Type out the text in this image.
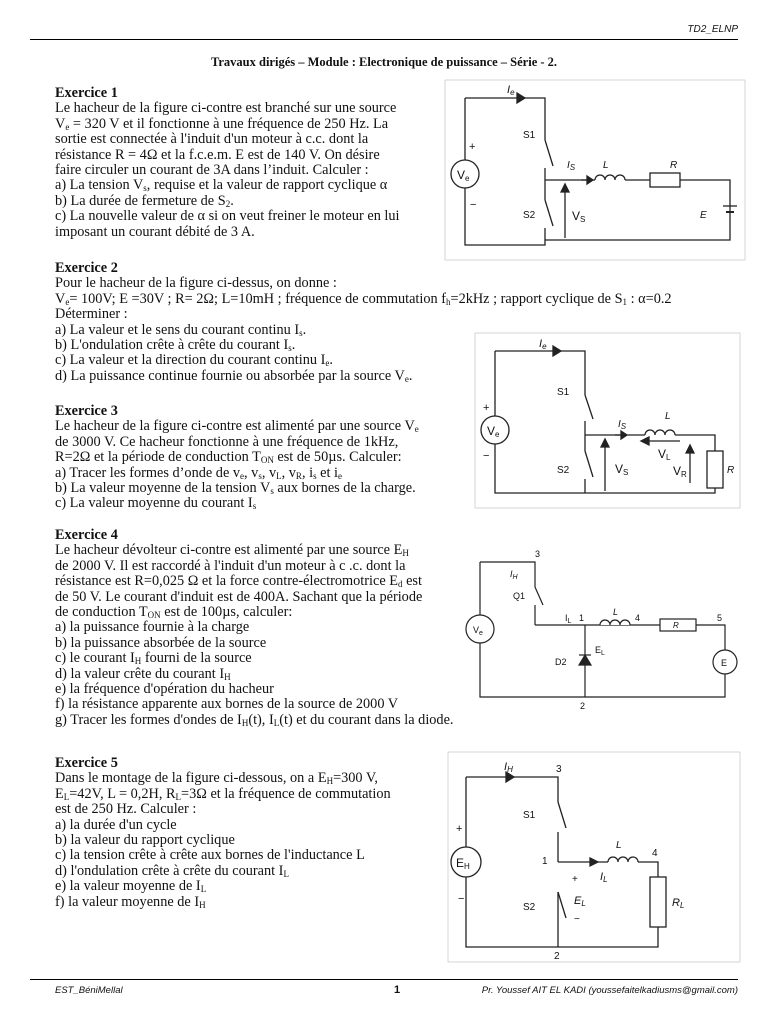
TD2_ELNP
Travaux dirigés – Module : Electronique de puissance – Série - 2.
Exercice 1

Le hacheur de la figure ci-contre est branché sur une source

$V_e = 320$ V et il fonctionne à une fréquence de 250 Hz. La

sortie est connectée à l'induit d'un moteur à c.c. dont la

résistance R = 4Ω et la f.c.e.m. E est de 140 V. On désire

faire circuler un courant de 3A dans l’induit. Calculer :

a) La tension $V_s$, requise et la valeur de rapport cyclique α

b) La durée de fermeture de $S_2$.

c) La nouvelle valeur de α si on veut freiner le moteur en lui

imposant un courant débité de 3 A.

Exercice 2

Pour le hacheur de la figure ci-dessus, on donne :

$V_e= 100V$; E =30V ; R= 2Ω; L=10mH ; fréquence de commutation $f_h=2kHz$ ; rapport cyclique de $S_1$ : α=0.2

Déterminer :

a) La valeur et le sens du courant continu $I_s$.

b) L'ondulation crête à crête du courant $I_s$.

c) La valeur et la direction du courant continu $I_e$.

d) La puissance continue fournie ou absorbée par la source $V_e$.

Exercice 3

Le hacheur de la figure ci-contre est alimenté par une source $V_e$

de 3000 V. Ce hacheur fonctionne à une fréquence de 1kHz,

R=2Ω et la période de conduction $T_{ON}$ est de 50µs. Calculer:

a) Tracer les formes d’onde de $v_e$, $v_s$, $v_L$, $v_R$, $i_s$ et $i_e$

b) La valeur moyenne de la tension $V_s$ aux bornes de la charge.

c) La valeur moyenne du courant $I_s$

Exercice 4

Le hacheur dévolteur ci-contre est alimenté par une source $E_H$

de 2000 V. Il est raccordé à l'induit d'un moteur à c .c. dont la

résistance est R=0,025 Ω et la force contre-électromotrice $E_d$ est

de 50 V. Le courant d'induit est de 400A. Sachant que la période

de conduction $T_{ON}$ est de 100µs, calculer:

a) la puissance fournie à la charge

b) la puissance absorbée de la source

c) le courant $I_H$ fourni de la source

d) la valeur crête du courant $I_H$

e) la fréquence d'opération du hacheur

f) la résistance apparente aux bornes de la source de 2000 V

g) Tracer les formes d'ondes de $I_H(t)$, $I_L(t)$ et du courant dans la diode.

Exercice 5

Dans le montage de la figure ci-dessous, on a $E_H=300$ V,

$E_L=42V$, L = 0,2H, $R_L=3\Omega$ et la fréquence de commutation

est de 250 Hz. Calculer :

a) la durée d'un cycle

b) la valeur du rapport cyclique

c) la tension crête à crête aux bornes de l'inductance L

d) l'ondulation crête à crête du courant $I_L$

e) la valeur moyenne de $I_L$

f) la valeur moyenne de $I_H$

Ie
Ve
+
−
S1
S2
L	R
E
$I_S$
VS
Ie
Ve
+
−
S1
S2
L
R
$I_S$
VL
VR
VS
3
$I_H$
Q1
$V_e$
$I_L$ 1
L
4
R
5
E
D2
$E_L$
2
IH	3
S1
EH
+
−
1
L
4
IL
RL
+
−
EL
S2
2
EST_BéniMellal	1	Pr. Youssef AIT EL KADI (youssefaitelkadiusms@gmail.com)
